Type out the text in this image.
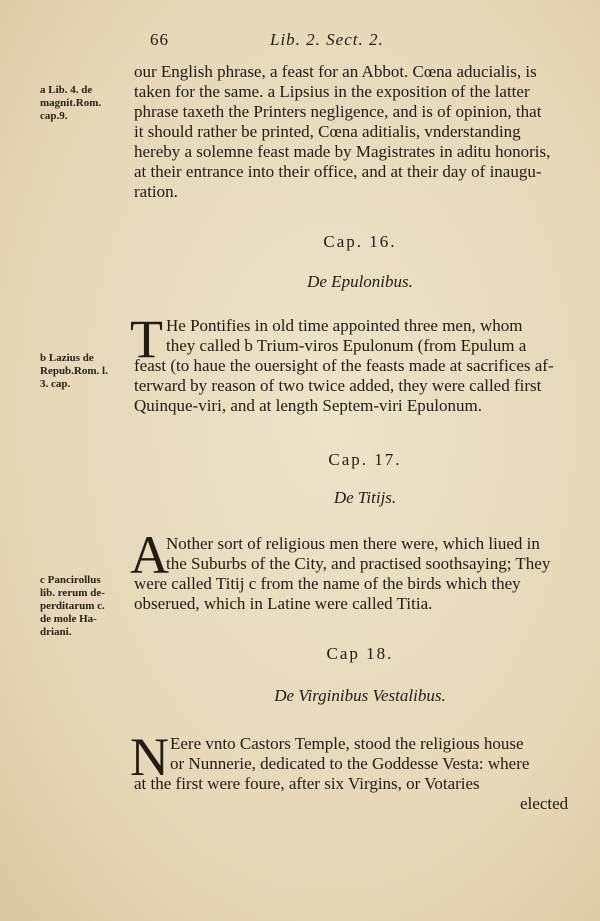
66	Lib. 2. Sect. 2.
a Lib. 4. de
magnit.Rom.
cap.9.
our English phrase, a feast for an Abbot. Cœna aducialis, is
taken for the same. a Lipsius in the exposition of the latter
phrase taxeth the Printers negligence, and is of opinion, that
it should rather be printed, Cœna aditialis, vnderstanding
hereby a solemne feast made by Magistrates in aditu honoris,
at their entrance into their office, and at their day of inaugu-
ration.
Cap. 16.
De Epulonibus.
b Lazius de
Repub.Rom. l.
3. cap.
T He Pontifies in old time appointed three men, whom
they called b Trium-viros Epulonum (from Epulum a
feast (to haue the ouersight of the feasts made at sacrifices af-
terward by reason of two twice added, they were called first
Quinque-viri, and at length Septem-viri Epulonum.
Cap. 17.
De Titijs.
c Pancirollus
lib. rerum de-
perditarum c.
de mole Ha-
driani.
A
Nother sort of religious men there were, which liued in
the Suburbs of the City, and practised soothsaying; They
were called Titij c from the name of the birds which they
obserued, which in Latine were called Titia.
Cap 18.
De Virginibus Vestalibus.
N Eere vnto Castors Temple, stood the religious house
or Nunnerie, dedicated to the Goddesse Vesta: where
at the first were foure, after six Virgins, or Votaries
elected
